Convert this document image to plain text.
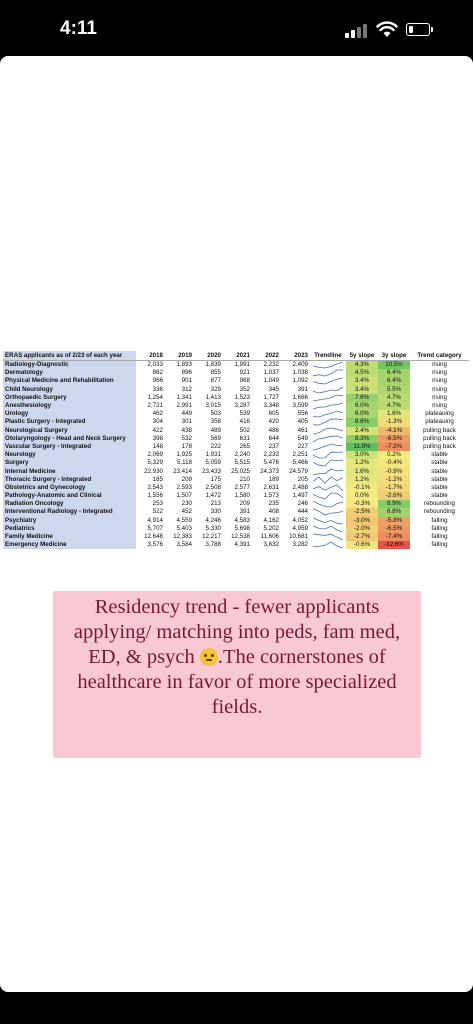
4:11
ERAS applicants as of 2/23 of each year	2018	2019	2020	2021	2022	2023	Trendline	5y slope	3y slope	Trend category
Radiology-Diagnostic	2,033	1,893	1,839	1,991	2,232	2,409		4.3%	10.5%	rising
Dermatology	862	896	855	921	1,037	1,038		4.5%	6.4%	rising
Physical Medicine and Rehabilitation	966	901	877	968	1,049	1,092		3.4%	6.4%	rising
Child Neurology	336	312	329	352	345	391		3.4%	5.5%	rising
Orthopaedic Surgery	1,254	1,341	1,413	1,523	1,727	1,666		7.6%	4.7%	rising
Anesthesiology	2,721	2,991	3,015	3,287	3,348	3,599		6.0%	4.7%	rising
Urology	462	449	503	539	605	556		6.0%	1.6%	plateauing
Plastic Surgery - Integrated	304	301	358	416	420	405		8.6%	-1.3%	plateauing
Neurological Surgery	422	438	489	502	486	461		2.4%	-4.1%	pulling back
Otolaryngology - Head and Neck Surgery	398	532	569	631	644	549		8.3%	-6.5%	pulling back
Vascular Surgery - Integrated	148	178	222	265	237	227		11.9%	-7.2%	pulling back
Neurology	2,069	1,925	1,931	2,240	2,233	2,251		3.0%	0.2%	stable
Surgery	5,329	5,118	5,059	5,515	5,476	5,466		1.2%	-0.4%	stable
Internal Medicine	22,930	23,414	23,433	25,025	24,373	24,579		1.6%	-0.9%	stable
Thoracic Surgery - Integrated	185	209	175	210	189	205		1.2%	-1.2%	stable
Obstetrics and Gynecology	2,543	2,593	2,508	2,577	2,631	2,488		-0.1%	-1.7%	stable
Pathology-Anatomic and Clinical	1,556	1,507	1,472	1,580	1,573	1,497		0.0%	-2.6%	stable
Radiation Oncology	253	230	213	209	235	246		-0.3%	8.9%	rebounding
Interventional Radiology - Integrated	522	452	330	391	408	444		-2.5%	6.8%	rebounding
Psychiatry	4,914	4,559	4,246	4,583	4,162	4,052		-3.0%	-5.8%	falling
Pediatrics	5,707	5,403	5,330	5,698	5,202	4,959		-2.0%	-6.5%	falling
Family Medicine	12,648	12,383	12,217	12,538	11,606	10,681		-2.7%	-7.4%	falling
Emergency Medicine	3,576	3,584	3,788	4,391	3,632	3,282		-0.6%	-12.6%	falling

Residency trend - fewer applicants applying/ matching into peds, fam med, ED, & psych .The cornerstones of healthcare in favor of more specialized fields.
